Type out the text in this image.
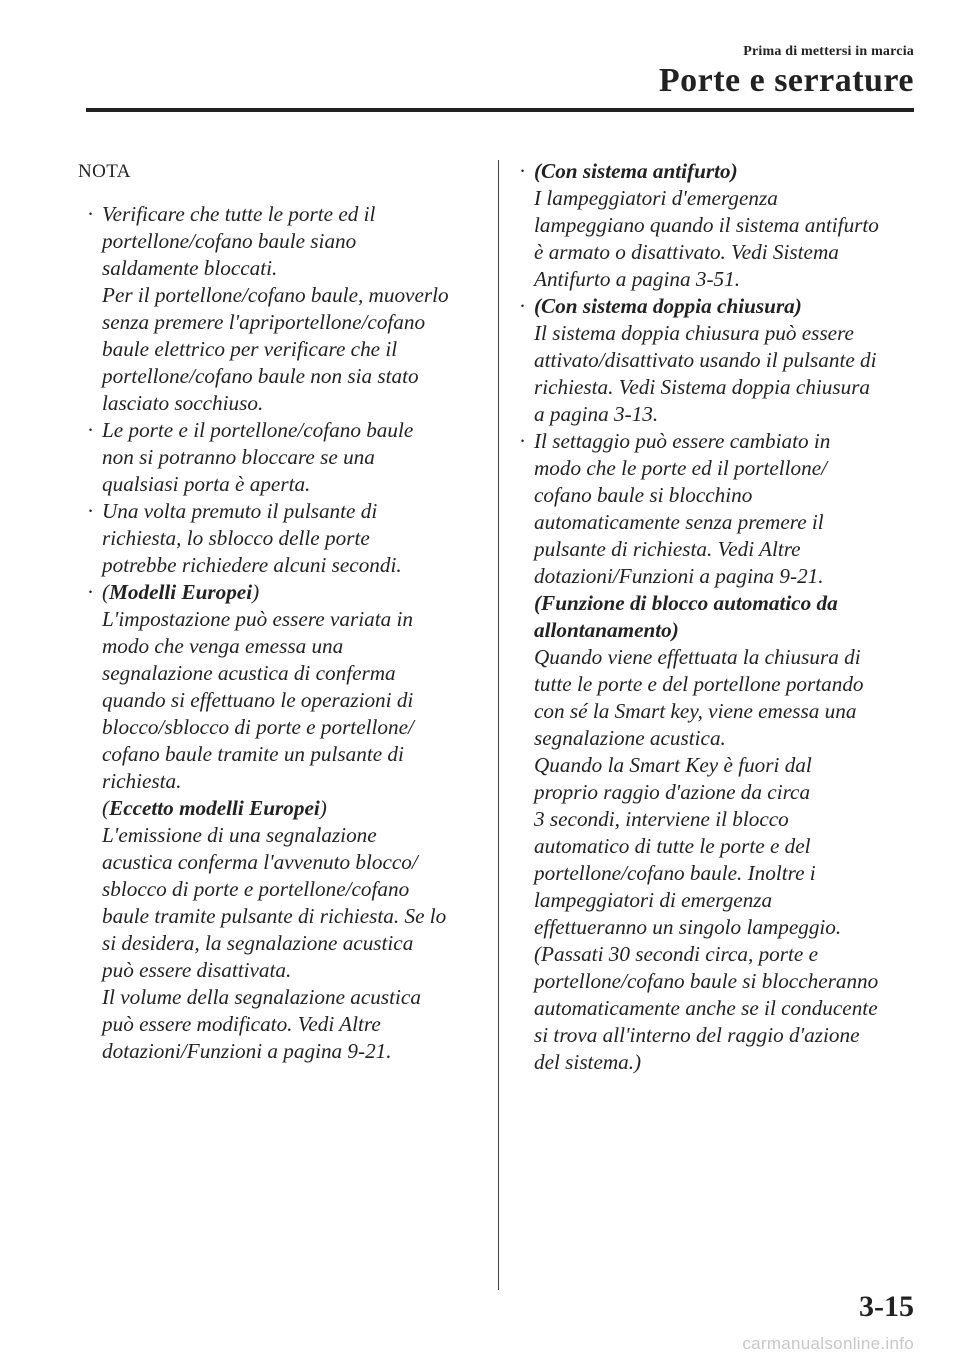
Prima di mettersi in marcia
Porte e serrature
NOTA
· Verificare che tutte le porte ed il
portellone/cofano baule siano
saldamente bloccati.
Per il portellone/cofano baule, muoverlo
senza premere l'apriportellone/cofano
baule elettrico per verificare che il
portellone/cofano baule non sia stato
lasciato socchiuso.
· Le porte e il portellone/cofano baule
non si potranno bloccare se una
qualsiasi porta è aperta.
· Una volta premuto il pulsante di
richiesta, lo sblocco delle porte
potrebbe richiedere alcuni secondi.
· (Modelli Europei)
L'impostazione può essere variata in
modo che venga emessa una
segnalazione acustica di conferma
quando si effettuano le operazioni di
blocco/sblocco di porte e portellone/
cofano baule tramite un pulsante di
richiesta.
(Eccetto modelli Europei)
L'emissione di una segnalazione
acustica conferma l'avvenuto blocco/
sblocco di porte e portellone/cofano
baule tramite pulsante di richiesta. Se lo
si desidera, la segnalazione acustica
può essere disattivata.
Il volume della segnalazione acustica
può essere modificato. Vedi Altre
dotazioni/Funzioni a pagina 9-21.
· (Con sistema antifurto)
I lampeggiatori d'emergenza
lampeggiano quando il sistema antifurto
è armato o disattivato. Vedi Sistema
Antifurto a pagina 3-51.
· (Con sistema doppia chiusura)
Il sistema doppia chiusura può essere
attivato/disattivato usando il pulsante di
richiesta. Vedi Sistema doppia chiusura
a pagina 3-13.
· Il settaggio può essere cambiato in
modo che le porte ed il portellone/
cofano baule si blocchino
automaticamente senza premere il
pulsante di richiesta. Vedi Altre
dotazioni/Funzioni a pagina 9-21.
(Funzione di blocco automatico da
allontanamento)
Quando viene effettuata la chiusura di
tutte le porte e del portellone portando
con sé la Smart key, viene emessa una
segnalazione acustica.
Quando la Smart Key è fuori dal
proprio raggio d'azione da circa
3 secondi, interviene il blocco
automatico di tutte le porte e del
portellone/cofano baule. Inoltre i
lampeggiatori di emergenza
effettueranno un singolo lampeggio.
(Passati 30 secondi circa, porte e
portellone/cofano baule si bloccheranno
automaticamente anche se il conducente
si trova all'interno del raggio d'azione
del sistema.)
3-15
carmanualsonline.info
